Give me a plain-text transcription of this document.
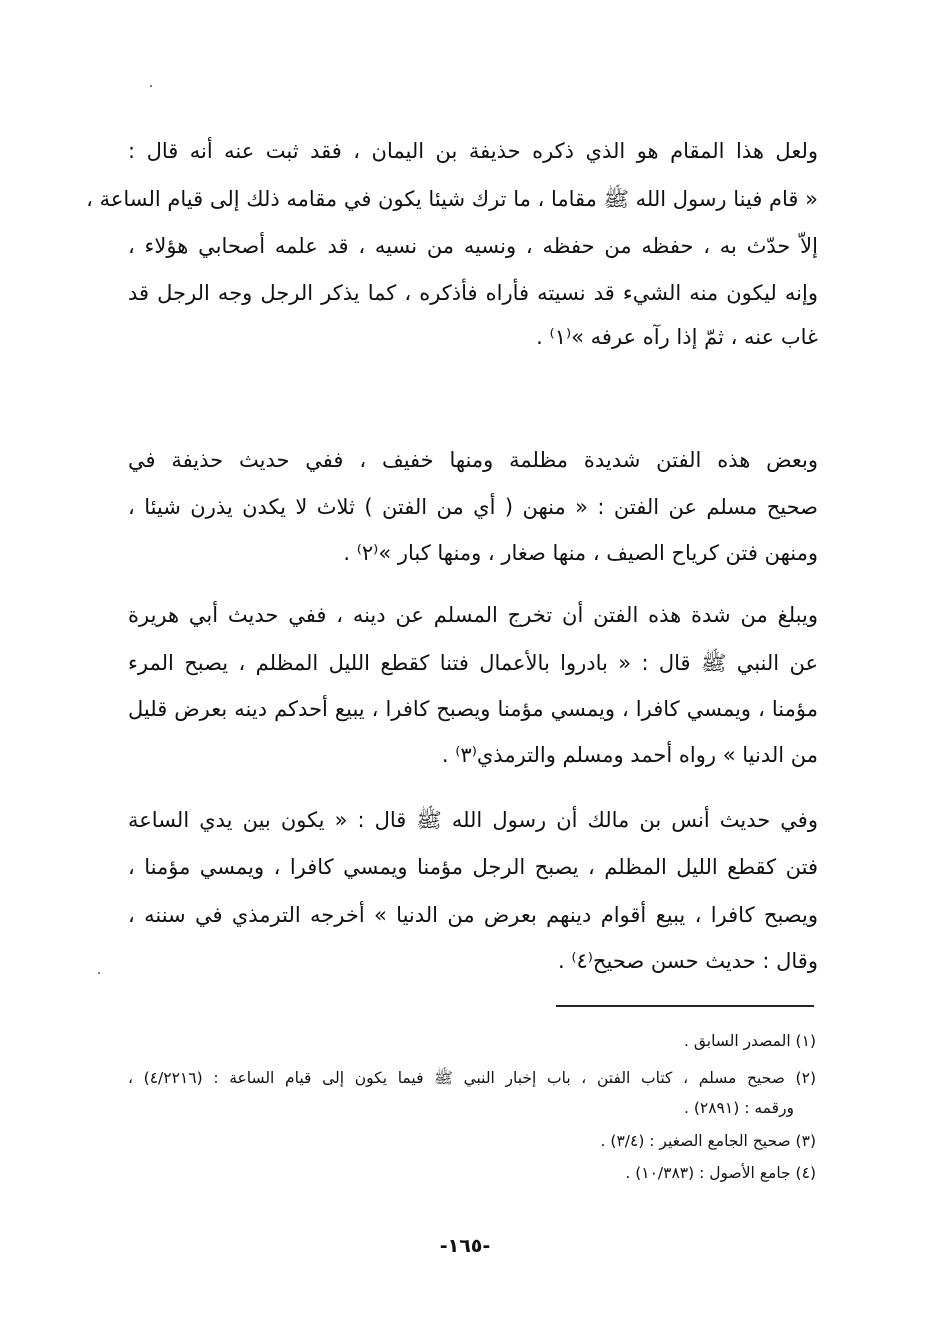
ولعل هذا المقام هو الذي ذكره حذيفة بن اليمان ، فقد ثبت عنه أنه قال :
« قام فينا رسول الله ﷺ مقاما ، ما ترك شيئا يكون في مقامه ذلك إلى قيام الساعة ،
إلاّ حدّث به ، حفظه من حفظه ، ونسيه من نسيه ، قد علمه أصحابي هؤلاء ،
وإنه ليكون منه الشيء قد نسيته فأراه فأذكره ، كما يذكر الرجل وجه الرجل قد
غاب عنه ، ثمّ إذا رآه عرفه »⁽١⁾ .
وبعض هذه الفتن شديدة مظلمة ومنها خفيف ، ففي حديث حذيفة في
صحيح مسلم عن الفتن : « منهن ( أي من الفتن ) ثلاث لا يكدن يذرن شيئا ،
ومنهن فتن كرياح الصيف ، منها صغار ، ومنها كبار »⁽٢⁾ .
ويبلغ من شدة هذه الفتن أن تخرج المسلم عن دينه ، ففي حديث أبي هريرة
عن النبي ﷺ قال : « بادروا بالأعمال فتنا كقطع الليل المظلم ، يصبح المرء
مؤمنا ، ويمسي كافرا ، ويمسي مؤمنا ويصبح كافرا ، يبيع أحدكم دينه بعرض قليل
من الدنيا » رواه أحمد ومسلم والترمذي⁽٣⁾ .
وفي حديث أنس بن مالك أن رسول الله ﷺ قال : « يكون بين يدي الساعة
فتن كقطع الليل المظلم ، يصبح الرجل مؤمنا ويمسي كافرا ، ويمسي مؤمنا ،
ويصبح كافرا ، يبيع أقوام دينهم بعرض من الدنيا » أخرجه الترمذي في سننه ،
وقال : حديث حسن صحيح⁽٤⁾ .
(١) المصدر السابق .
(٢) صحيح مسلم ، كتاب الفتن ، باب إخبار النبي ﷺ فيما يكون إلى قيام الساعة : (٤/٢٢١٦) ،
ورقمه : (٢٨٩١) .
(٣) صحيح الجامع الصغير : (٣/٤) .
(٤) جامع الأصول : (١٠/٣٨٣) .
-١٦٥-
